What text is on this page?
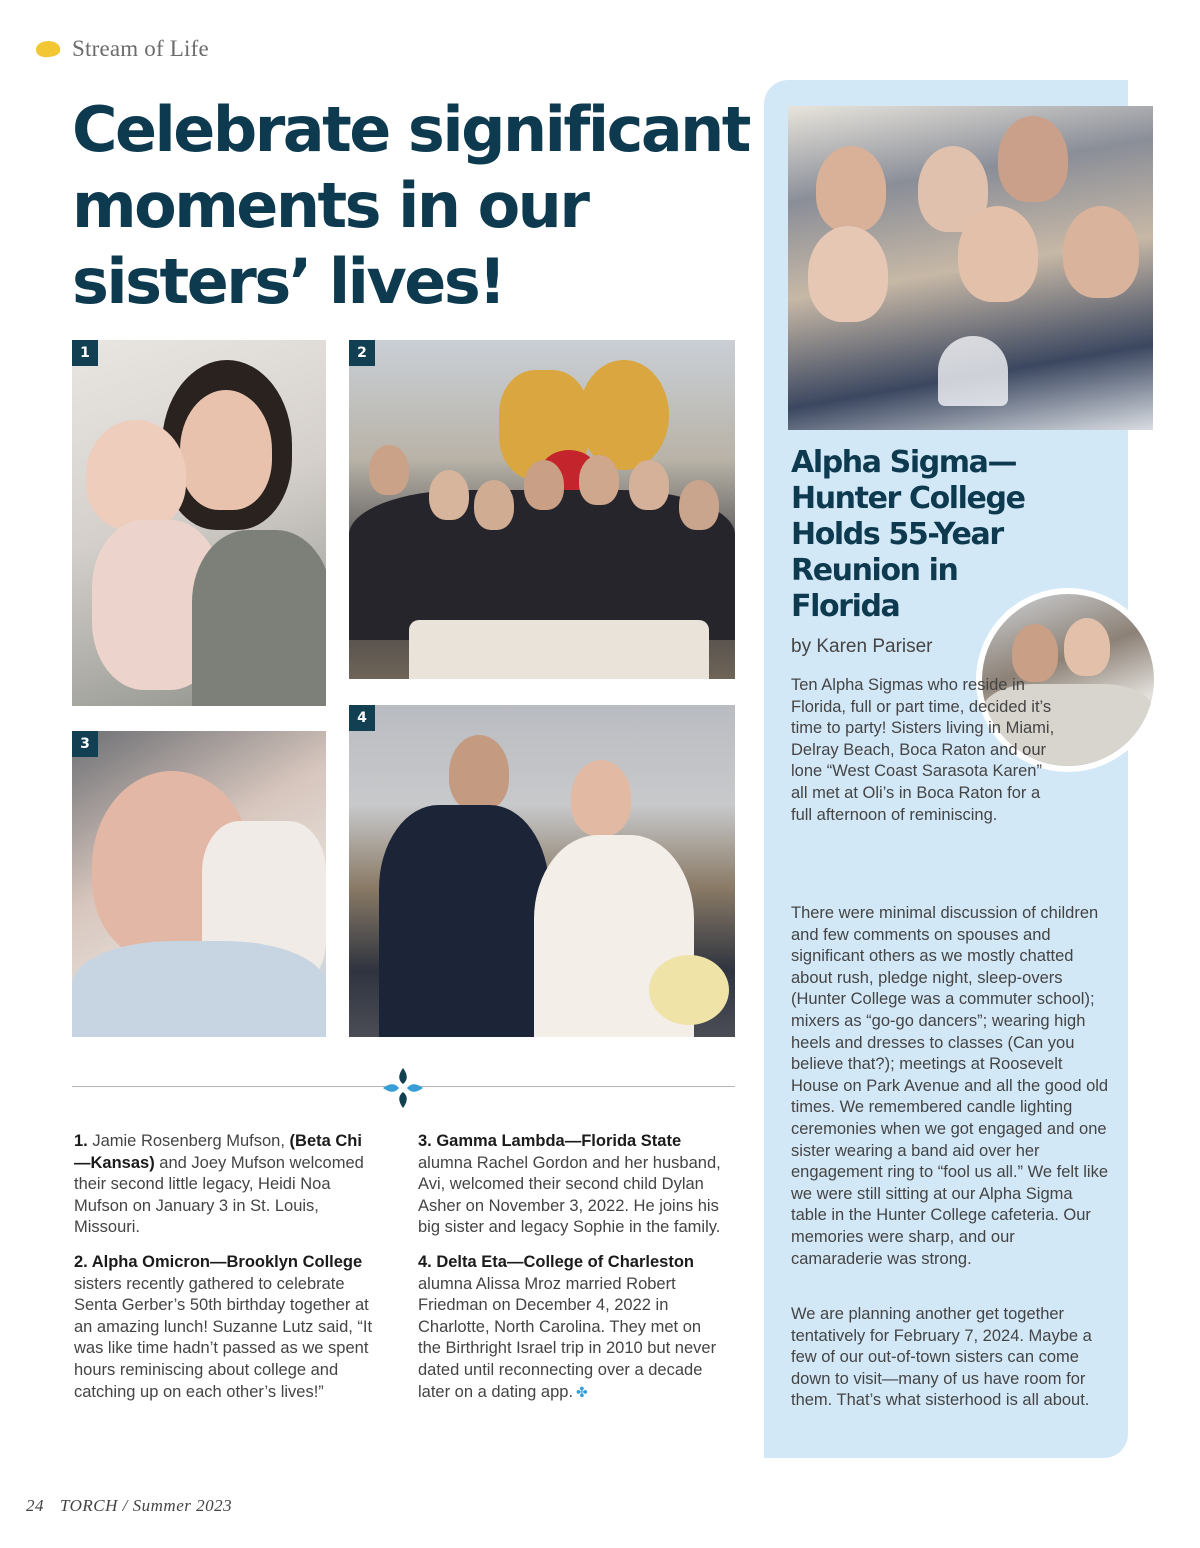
Stream of Life
Celebrate significant moments in our sisters’ lives!
1	2
3
4

1. Jamie Rosenberg Mufson, (Beta Chi—Kansas) and Joey Mufson welcomed their second little legacy, Heidi Noa Mufson on January 3 in St. Louis, Missouri.

2. Alpha Omicron—Brooklyn College sisters recently gathered to celebrate Senta Gerber’s 50th birthday together at an amazing lunch! Suzanne Lutz said, “It was like time hadn’t passed as we spent hours reminiscing about college and catching up on each other’s lives!”

3. Gamma Lambda—Florida State alumna Rachel Gordon and her husband, Avi, welcomed their second child Dylan Asher on November 3, 2022. He joins his big sister and legacy Sophie in the family.

4. Delta Eta—College of Charleston alumna Alissa Mroz married Robert Friedman on December 4, 2022 in Charlotte, North Carolina. They met on the Birthright Israel trip in 2010 but never dated until reconnecting over a decade later on a dating app. ✤

Alpha Sigma—Hunter College Holds 55-Year Reunion in Florida
by Karen Pariser
Ten Alpha Sigmas who reside in Florida, full or part time, decided it’s time to party! Sisters living in Miami, Delray Beach, Boca Raton and our lone “West Coast Sarasota Karen” all met at Oli’s in Boca Raton for a full afternoon of reminiscing.
There were minimal discussion of children and few comments on spouses and significant others as we mostly chatted about rush, pledge night, sleep-overs (Hunter College was a commuter school); mixers as “go-go dancers”; wearing high heels and dresses to classes (Can you believe that?); meetings at Roosevelt House on Park Avenue and all the good old times. We remembered candle lighting ceremonies when we got engaged and one sister wearing a band aid over her engagement ring to “fool us all.” We felt like we were still sitting at our Alpha Sigma table in the Hunter College cafeteria. Our memories were sharp, and our camaraderie was strong.
We are planning another get together tentatively for February 7, 2024. Maybe a few of our out-of-town sisters can come down to visit—many of us have room for them. That’s what sisterhood is all about.
24 TORCH / Summer 2023
